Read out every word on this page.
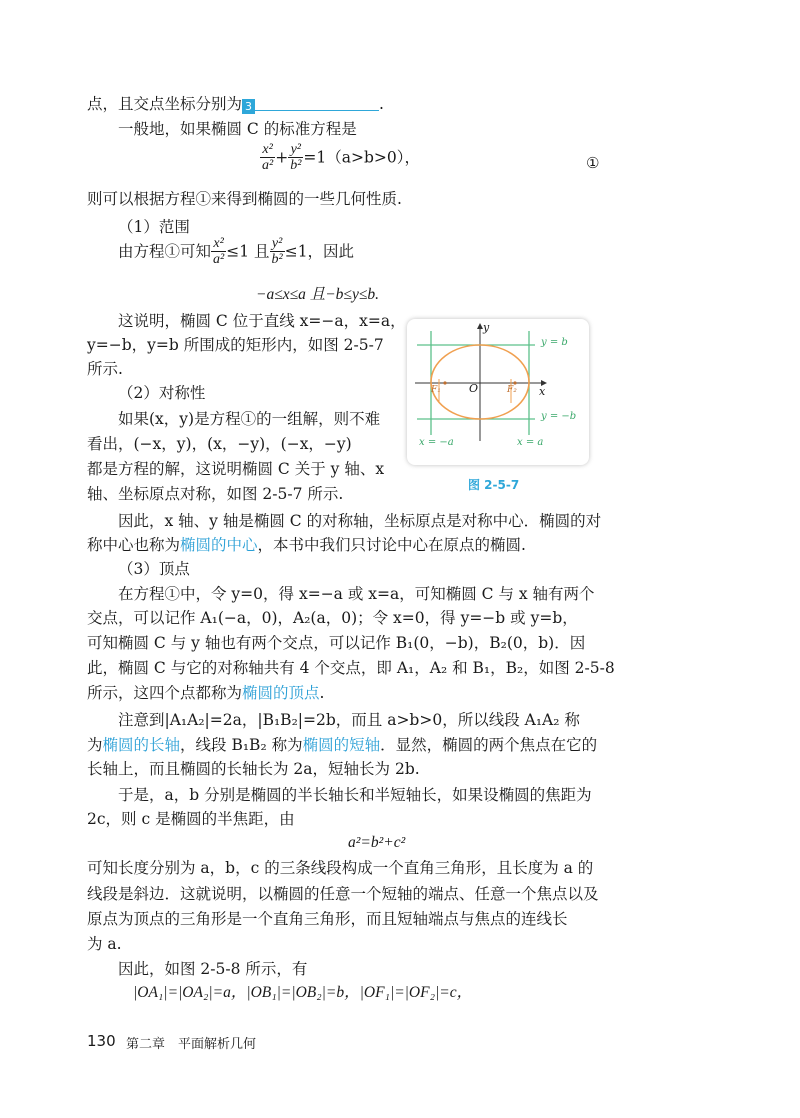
点，且交点坐标分别为 3	.
一般地，如果椭圆 C 的标准方程是
$\frac{\text{x²}}{\text{a²}} + \frac{\text{y²}}{\text{b²}} =1(a>b>0)$，	①
则可以根据方程①来得到椭圆的一些几何性质.
（1）范围
由方程①可知 $\frac{\text{x²}}{\text{a²}} \le 1$ 且 $\frac{\text{y²}}{\text{b²}} \le 1$，因此
−a≤x≤a 且−b≤y≤b.
这说明，椭圆 C 位于直线 x=−a，x=a，
y=−b，y=b 所围成的矩形内，如图 2-5-7
所示.
（2）对称性
如果(x，y)是方程①的一组解，则不难
看出，(−x，y)，(x，−y)，(−x，−y)
都是方程的解，这说明椭圆 C 关于 y 轴、x
轴、坐标原点对称，如图 2-5-7 所示.
y
x
O
y = b
y = −b
x = −a	x = a
F₁	F₂
图 2-5-7
因此，x 轴、y 轴是椭圆 C 的对称轴，坐标原点是对称中心．椭圆的对
称中心也称为椭圆的中心，本书中我们只讨论中心在原点的椭圆.
（3）顶点
在方程①中，令 y=0，得 x=−a 或 x=a，可知椭圆 C 与 x 轴有两个
交点，可以记作 A₁(−a，0)，A₂(a，0)；令 x=0，得 y=−b 或 y=b，
可知椭圆 C 与 y 轴也有两个交点，可以记作 B₁(0，−b)，B₂(0，b)．因
此，椭圆 C 与它的对称轴共有 4 个交点，即 A₁，A₂ 和 B₁，B₂，如图 2-5-8
所示，这四个点都称为椭圆的顶点.
注意到|A₁A₂|=2a，|B₁B₂|=2b，而且 a>b>0，所以线段 A₁A₂ 称
为椭圆的长轴，线段 B₁B₂ 称为椭圆的短轴．显然，椭圆的两个焦点在它的
长轴上，而且椭圆的长轴长为 2a，短轴长为 2b.
于是，a，b 分别是椭圆的半长轴长和半短轴长，如果设椭圆的焦距为
2c，则 c 是椭圆的半焦距，由
a²=b²+c²
可知长度分别为 a，b，c 的三条线段构成一个直角三角形，且长度为 a 的
线段是斜边．这就说明，以椭圆的任意一个短轴的端点、任意一个焦点以及
原点为顶点的三角形是一个直角三角形，而且短轴端点与焦点的连线长
为 a.
因此，如图 2-5-8 所示，有
|OA₁|=|OA₂|=a，|OB₁|=|OB₂|=b，|OF₁|=|OF₂|=c，
130 第二章　平面解析几何
